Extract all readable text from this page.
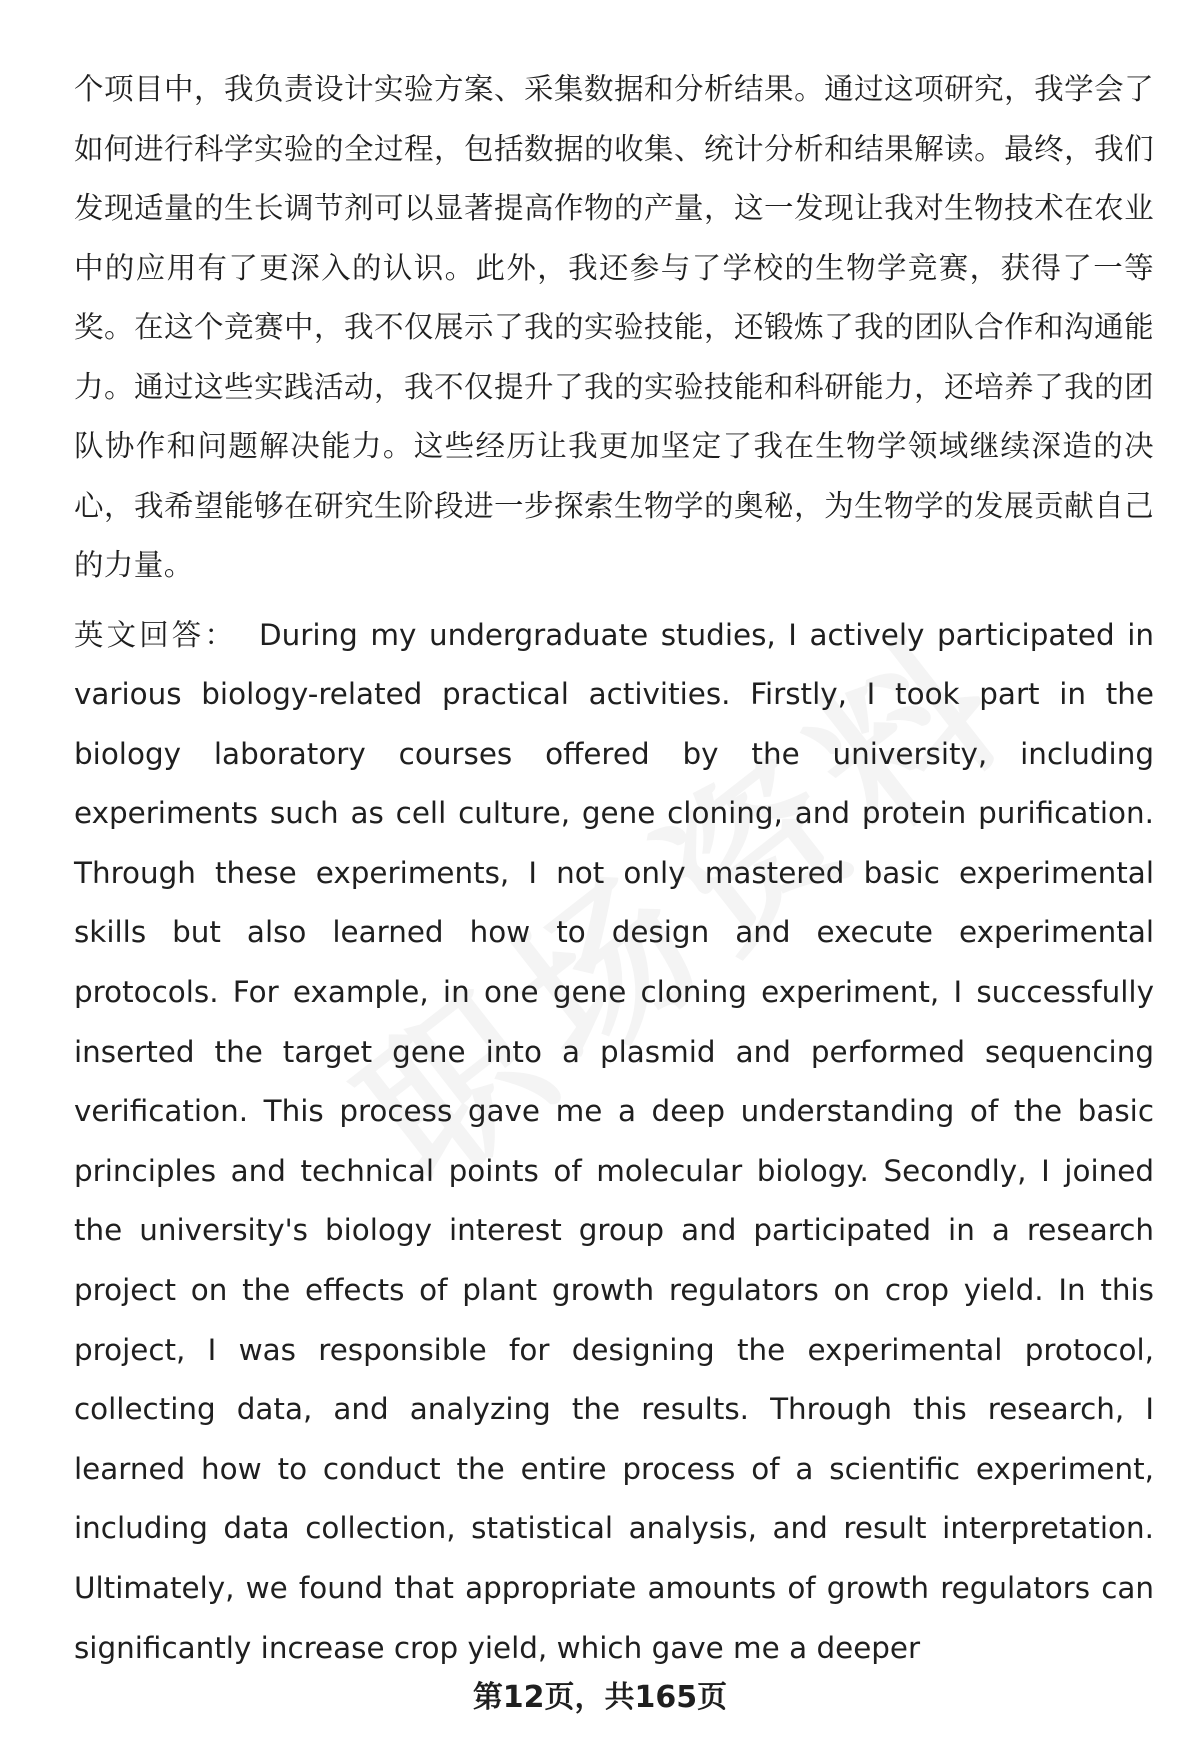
个项目中，我负责设计实验方案、采集数据和分析结果。通过这项研究，我学会了如何进行科学实验的全过程，包括数据的收集、统计分析和结果解读。最终，我们发现适量的生长调节剂可以显著提高作物的产量，这一发现让我对生物技术在农业中的应用有了更深入的认识。此外，我还参与了学校的生物学竞赛，获得了一等奖。在这个竞赛中，我不仅展示了我的实验技能，还锻炼了我的团队合作和沟通能力。通过这些实践活动，我不仅提升了我的实验技能和科研能力，还培养了我的团队协作和问题解决能力。这些经历让我更加坚定了我在生物学领域继续深造的决心，我希望能够在研究生阶段进一步探索生物学的奥秘，为生物学的发展贡献自己的力量。

英文回答： During my undergraduate studies, I actively participated in various biology-related practical activities. Firstly, I took part in the biology laboratory courses offered by the university, including experiments such as cell culture, gene cloning, and protein purification. Through these experiments, I not only mastered basic experimental skills but also learned how to design and execute experimental protocols. For example, in one gene cloning experiment, I successfully inserted the target gene into a plasmid and performed sequencing verification. This process gave me a deep understanding of the basic principles and technical points of molecular biology. Secondly, I joined the university's biology interest group and participated in a research project on the effects of plant growth regulators on crop yield. In this project, I was responsible for designing the experimental protocol, collecting data, and analyzing the results. Through this research, I learned how to conduct the entire process of a scientific experiment, including data collection, statistical analysis, and result interpretation. Ultimately, we found that appropriate amounts of growth regulators can significantly increase crop yield, which gave me a deeper

第12页，共165页
